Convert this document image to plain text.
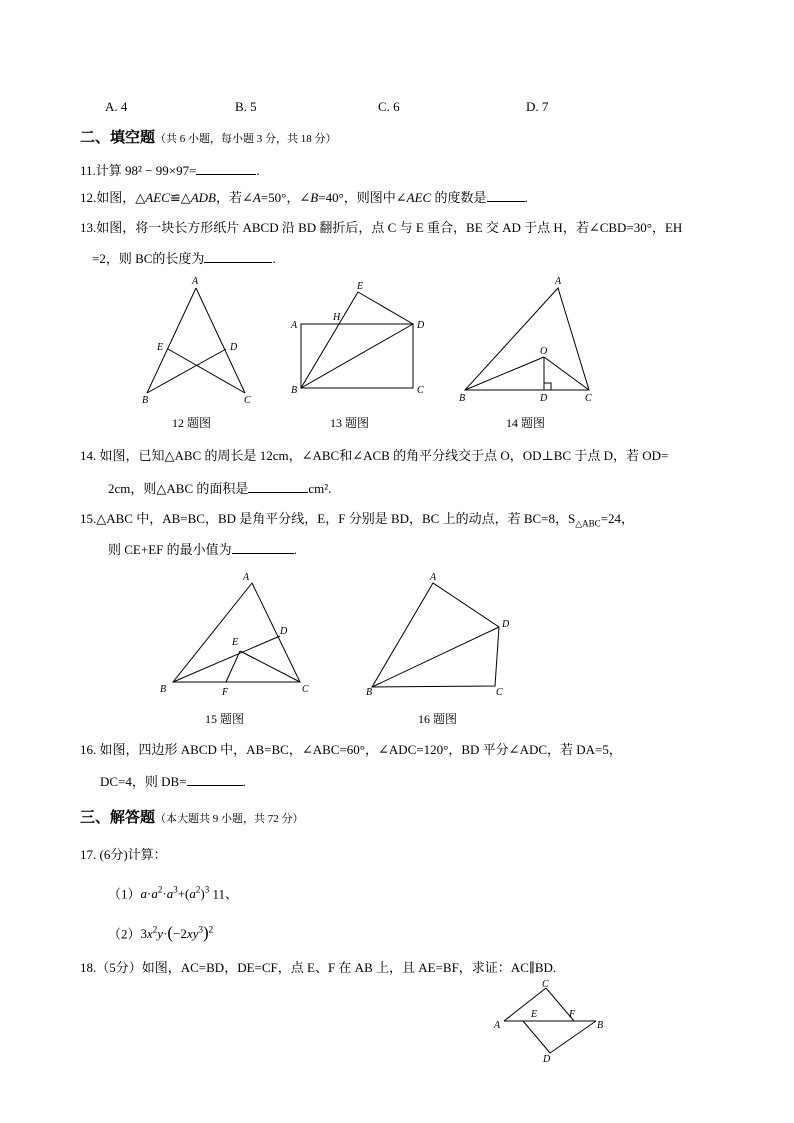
A. 4	B. 5	C. 6	D. 7
二、填空题（共 6 小题，每小题 3 分，共 18 分）
11.计算 98² − 99×97=	.
12.如图，△AEC≌△ADB，若∠A=50°，∠B=40°，则图中∠AEC 的度数是	.
13.如图，将一块长方形纸片 ABCD 沿 BD 翻折后，点 C 与 E 重合，BE 交 AD 于点 H，若∠CBD=30°，EH
=2，则 BC的长度为	.
A
E	D
B	C
E
A
H
D
B	C
A
O
B	D	C
A
D
E
B	F	C
A
D
B	C
C
A
E	F
B
D
12 题图	13 题图	14 题图
14. 如图，已知△ABC 的周长是 12cm，∠ABC和∠ACB 的角平分线交于点 O，OD⊥BC 于点 D，若 OD=
2cm，则△ABC 的面积是	cm².
15.△ABC 中，AB=BC，BD 是角平分线，E，F 分别是 BD，BC 上的动点，若 BC=8，$S_{\triangle ABC}=24$，
则 CE+EF 的最小值为	.
15 题图	16 题图
16. 如图，四边形 ABCD 中，AB=BC，∠ABC=60°，∠ADC=120°，BD 平分∠ADC，若 DA=5，
DC=4，则 DB=	.
三、解答题（本大题共 9 小题，共 72 分）
17. (6分)计算：
$(1)a\cdot a^2\cdot a^3+(a^2)^3$ 11、
$(2)3x^2y\cdot(-2xy^3)^2$
18.（5分）如图，AC=BD，DE=CF，点 E、F 在 AB 上，且 AE=BF，求证：AC∥BD.
